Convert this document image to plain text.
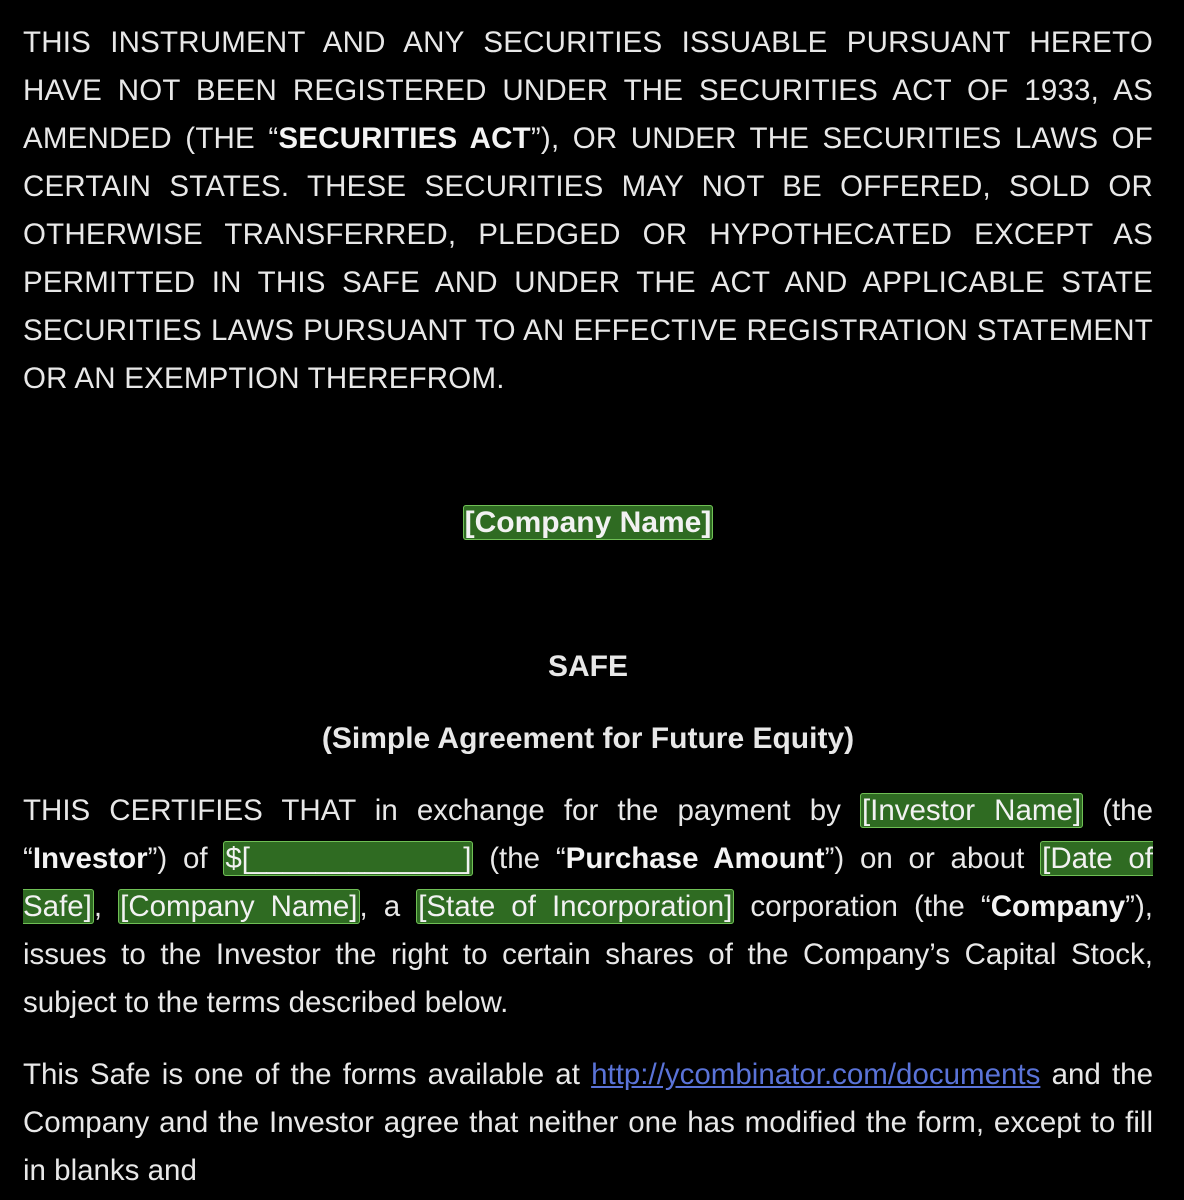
THIS INSTRUMENT AND ANY SECURITIES ISSUABLE PURSUANT HERETO HAVE NOT BEEN REGISTERED UNDER THE SECURITIES ACT OF 1933, AS AMENDED (THE “SECURITIES ACT”), OR UNDER THE SECURITIES LAWS OF CERTAIN STATES. THESE SECURITIES MAY NOT BE OFFERED, SOLD OR OTHERWISE TRANSFERRED, PLEDGED OR HYPOTHECATED EXCEPT AS PERMITTED IN THIS SAFE AND UNDER THE ACT AND APPLICABLE STATE SECURITIES LAWS PURSUANT TO AN EFFECTIVE REGISTRATION STATEMENT OR AN EXEMPTION THEREFROM.

[Company Name]

SAFE

(Simple Agreement for Future Equity)

THIS CERTIFIES THAT in exchange for the payment by [Investor Name] (the “Investor”) of $[_____________] (the “Purchase Amount”) on or about [Date of Safe], [Company Name], a [State of Incorporation] corporation (the “Company”), issues to the Investor the right to certain shares of the Company’s Capital Stock, subject to the terms described below.

This Safe is one of the forms available at http://ycombinator.com/documents and the Company and the Investor agree that neither one has modified the form, except to fill in blanks and
